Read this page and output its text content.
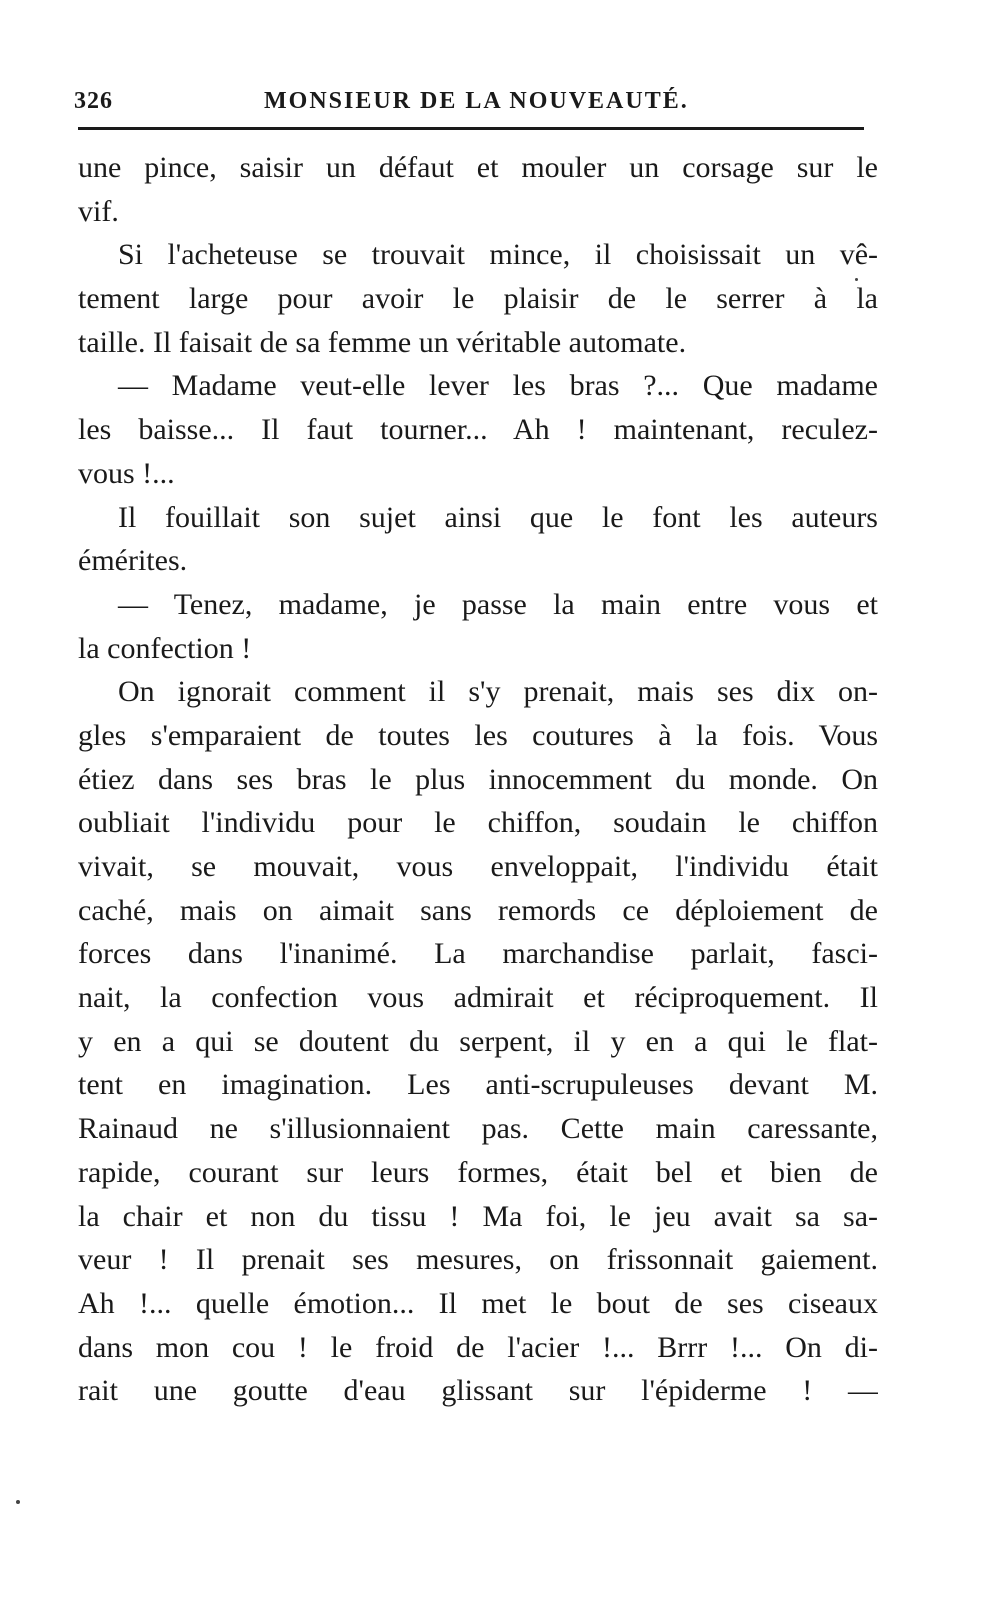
326	MONSIEUR DE LA NOUVEAUTÉ.
une pince, saisir un défaut et mouler un corsage sur le
vif.
Si l'acheteuse se trouvait mince, il choisissait un vê-
tement large pour avoir le plaisir de le serrer à la
taille. Il faisait de sa femme un véritable automate.
— Madame veut-elle lever les bras ?... Que madame
les baisse... Il faut tourner... Ah ! maintenant, reculez-
vous !...
Il fouillait son sujet ainsi que le font les auteurs
émérites.
— Tenez, madame, je passe la main entre vous et
la confection !
On ignorait comment il s'y prenait, mais ses dix on-
gles s'emparaient de toutes les coutures à la fois. Vous
étiez dans ses bras le plus innocemment du monde. On
oubliait l'individu pour le chiffon, soudain le chiffon
vivait, se mouvait, vous enveloppait, l'individu était
caché, mais on aimait sans remords ce déploiement de
forces dans l'inanimé. La marchandise parlait, fasci-
nait, la confection vous admirait et réciproquement. Il
y en a qui se doutent du serpent, il y en a qui le flat-
tent en imagination. Les anti-scrupuleuses devant M.
Rainaud ne s'illusionnaient pas. Cette main caressante,
rapide, courant sur leurs formes, était bel et bien de
la chair et non du tissu ! Ma foi, le jeu avait sa sa-
veur ! Il prenait ses mesures, on frissonnait gaiement.
Ah !... quelle émotion... Il met le bout de ses ciseaux
dans mon cou ! le froid de l'acier !... Brrr !... On di-
rait une goutte d'eau glissant sur l'épiderme ! —
